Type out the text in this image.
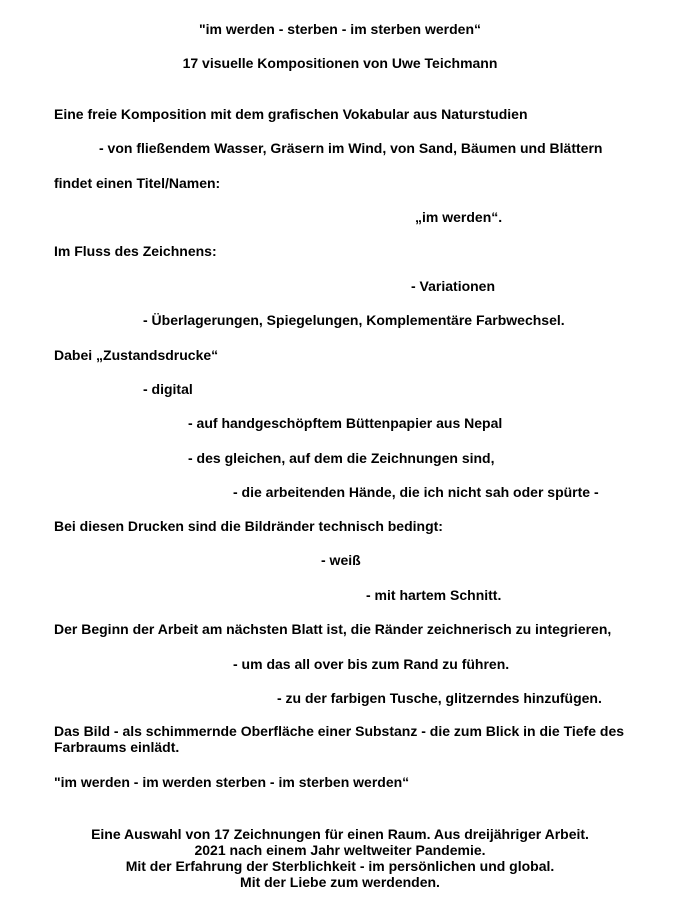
"im werden - sterben - im sterben werden“
17 visuelle Kompositionen von Uwe Teichmann
Eine freie Komposition mit dem grafischen Vokabular aus Naturstudien
- von fließendem Wasser, Gräsern im Wind, von Sand, Bäumen und Blättern
findet einen Titel/Namen:
„im werden“.
Im Fluss des Zeichnens:
- Variationen
- Überlagerungen, Spiegelungen, Komplementäre Farbwechsel.
Dabei „Zustandsdrucke“
- digital
- auf handgeschöpftem Büttenpapier aus Nepal
- des gleichen, auf dem die Zeichnungen sind,
- die arbeitenden Hände, die ich nicht sah oder spürte -
Bei diesen Drucken sind die Bildränder technisch bedingt:
- weiß
- mit hartem Schnitt.
Der Beginn der Arbeit am nächsten Blatt ist, die Ränder zeichnerisch zu integrieren,
- um das all over bis zum Rand zu führen.
- zu der farbigen Tusche, glitzerndes hinzufügen.
Das Bild - als schimmernde Oberfläche einer Substanz - die zum Blick in die Tiefe des Farbraums einlädt.
"im werden - im werden sterben - im sterben werden“
Eine Auswahl von 17 Zeichnungen für einen Raum. Aus dreijähriger Arbeit.
2021 nach einem Jahr weltweiter Pandemie.
Mit der Erfahrung der Sterblichkeit - im persönlichen und global.
Mit der Liebe zum werdenden.
